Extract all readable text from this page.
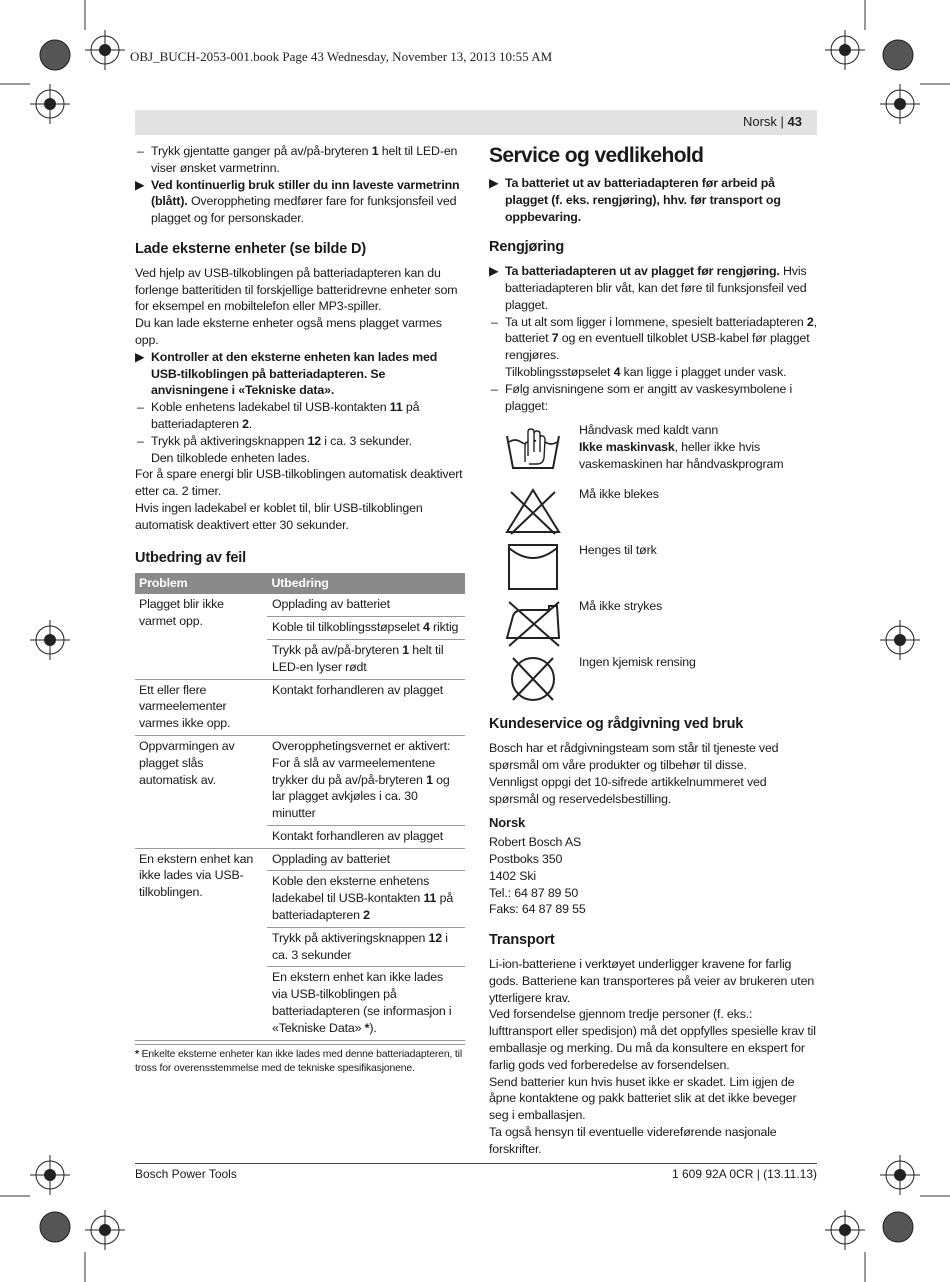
OBJ_BUCH-2053-001.book Page 43 Wednesday, November 13, 2013 10:55 AM
Norsk | 43
– Trykk gjentatte ganger på av/på-bryteren 1 helt til LED-en viser ønsket varmetrinn.
▶ Ved kontinuerlig bruk stiller du inn laveste varmetrinn (blått). Overoppheting medfører fare for funksjonsfeil ved plagget og for personskader.
Lade eksterne enheter (se bilde D)

Ved hjelp av USB-tilkoblingen på batteriadapteren kan du forlenge batteritiden til forskjellige batteridrevne enheter som for eksempel en mobiltelefon eller MP3-spiller.

Du kan lade eksterne enheter også mens plagget varmes opp.

▶ Kontroller at den eksterne enheten kan lades med USB-tilkoblingen på batteriadapteren. Se anvisningene i «Tekniske data».
– Koble enhetens ladekabel til USB-kontakten 11 på batteriadapteren 2.
– Trykk på aktiveringsknappen 12 i ca. 3 sekunder.

Den tilkoblede enheten lades.

For å spare energi blir USB-tilkoblingen automatisk deaktivert etter ca. 2 timer.

Hvis ingen ladekabel er koblet til, blir USB-tilkoblingen automatisk deaktivert etter 30 sekunder.

Utbedring av feil
Problem	Utbedring
Plagget blir ikke varmet opp.	Opplading av batteriet
	Koble til tilkoblingsstøpselet 4 riktig
	Trykk på av/på-bryteren 1 helt til LED-en lyser rødt
Ett eller flere varmeelementer varmes ikke opp.	Kontakt forhandleren av plagget
Oppvarmingen av plagget slås automatisk av.	Overopphetingsvernet er aktivert: For å slå av varmeelementene trykker du på av/på-bryteren 1 og lar plagget avkjøles i ca. 30 minutter
	Kontakt forhandleren av plagget
En ekstern enhet kan ikke lades via USB-tilkoblingen.	Opplading av batteriet
	Koble den eksterne enhetens ladekabel til USB-kontakten 11 på batteriadapteren 2
	Trykk på aktiveringsknappen 12 i ca. 3 sekunder
	En ekstern enhet kan ikke lades via USB-tilkoblingen på batteriadapteren (se informasjon i «Tekniske Data» *).
* Enkelte eksterne enheter kan ikke lades med denne batteriadapteren, til tross for overensstemmelse med de tekniske spesifikasjonene.
Service og vedlikehold
▶ Ta batteriet ut av batteriadapteren før arbeid på plagget (f. eks. rengjøring), hhv. før transport og oppbevaring.
Rengjøring
▶ Ta batteriadapteren ut av plagget før rengjøring. Hvis batteriadapteren blir våt, kan det føre til funksjonsfeil ved plagget.
– Ta ut alt som ligger i lommene, spesielt batteriadapteren 2, batteriet 7 og en eventuell tilkoblet USB-kabel før plagget rengjøres.

Tilkoblingsstøpselet 4 kan ligge i plagget under vask.

– Følg anvisningene som er angitt av vaskesymbolene i plagget:
Håndvask med kaldt vann
Ikke maskinvask, heller ikke hvis vaskemaskinen har håndvaskprogram
Må ikke blekes
Henges til tørk
Må ikke strykes
Ingen kjemisk rensing
Kundeservice og rådgivning ved bruk

Bosch har et rådgivningsteam som står til tjeneste ved spørsmål om våre produkter og tilbehør til disse.

Vennligst oppgi det 10-sifrede artikkelnummeret ved spørsmål og reservedelsbestilling.

Norsk
Robert Bosch AS
Postboks 350
1402 Ski
Tel.: 64 87 89 50
Faks: 64 87 89 55
Transport

Li-ion-batteriene i verktøyet underligger kravene for farlig gods. Batteriene kan transporteres på veier av brukeren uten ytterligere krav.

Ved forsendelse gjennom tredje personer (f. eks.: lufttransport eller spedisjon) må det oppfylles spesielle krav til emballasje og merking. Du må da konsultere en ekspert for farlig gods ved forberedelse av forsendelsen.

Send batterier kun hvis huset ikke er skadet. Lim igjen de åpne kontaktene og pakk batteriet slik at det ikke beveger seg i emballasjen.

Ta også hensyn til eventuelle videreførende nasjonale forskrifter.

Bosch Power Tools	1 609 92A 0CR | (13.11.13)
